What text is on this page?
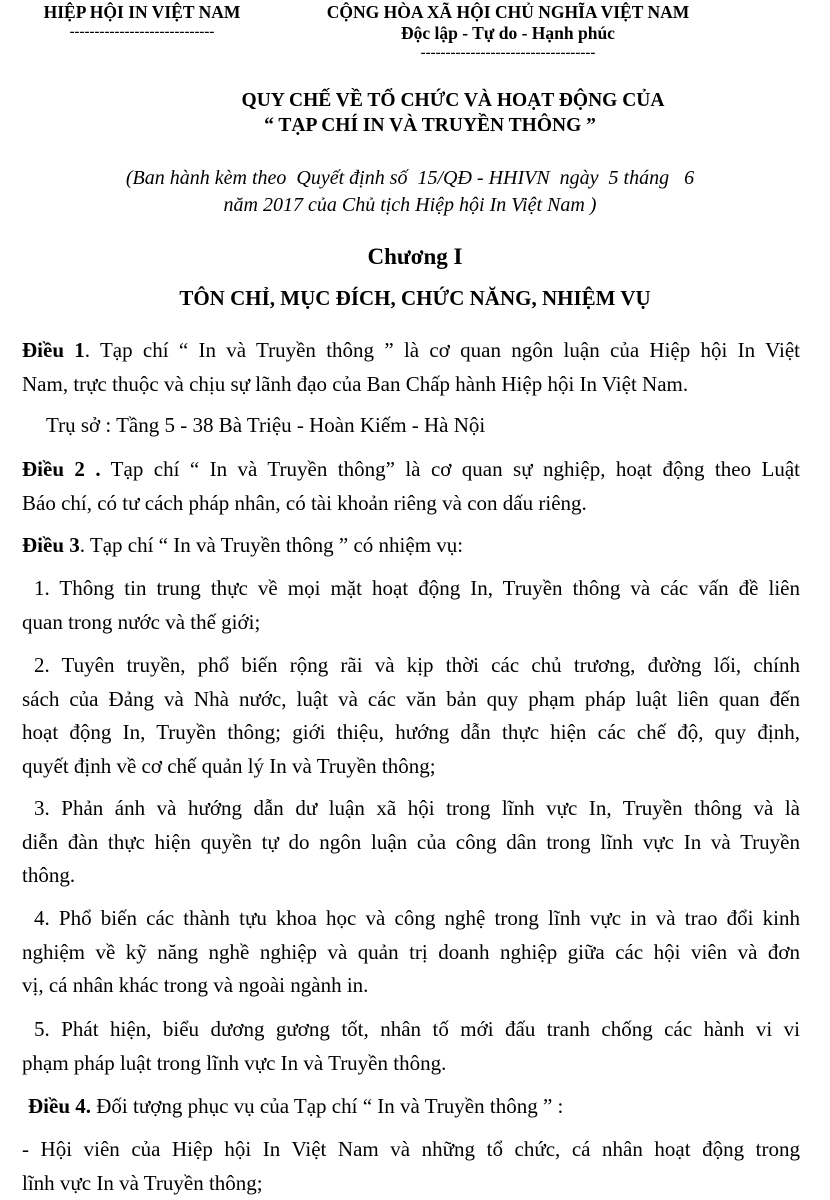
HIỆP HỘI IN VIỆT NAM
-----------------------------
CỘNG HÒA XÃ HỘI CHỦ NGHĨA VIỆT NAM
Độc lập - Tự do - Hạnh phúc
-----------------------------------
QUY CHẾ VỀ TỔ CHỨC VÀ HOẠT ĐỘNG CỦA
“ TẠP CHÍ IN VÀ TRUYỀN THÔNG ”
(Ban hành kèm theo  Quyết định số  15/QĐ - HHIVN  ngày  5 tháng   6
năm 2017 của Chủ tịch Hiệp hội In Việt Nam )
Chương I
TÔN CHỈ, MỤC ĐÍCH, CHỨC NĂNG, NHIỆM VỤ
Điều 1. Tạp chí “ In và Truyền thông ” là cơ quan ngôn luận của Hiệp hội In Việt
Nam, trực thuộc và chịu sự lãnh đạo của Ban Chấp hành Hiệp hội In Việt Nam.
Trụ sở : Tầng 5 - 38 Bà Triệu - Hoàn Kiếm - Hà Nội
Điều 2 . Tạp chí “ In và Truyền thông” là cơ quan sự nghiệp, hoạt động theo Luật
Báo chí, có tư cách pháp nhân, có tài khoản riêng và con dấu riêng.
Điều 3. Tạp chí “ In và Truyền thông ” có nhiệm vụ:
1. Thông tin trung thực về mọi mặt hoạt động In, Truyền thông và các vấn đề liên
quan trong nước và thế giới;
2. Tuyên truyền, phổ biến rộng rãi và kịp thời các chủ trương, đường lối, chính
sách của Đảng và Nhà nước, luật và các văn bản quy phạm pháp luật liên quan đến
hoạt động In, Truyền thông; giới thiệu, hướng dẫn thực hiện các chế độ, quy định,
quyết định về cơ chế quản lý In và Truyền thông;
3. Phản ánh và hướng dẫn dư luận xã hội trong lĩnh vực In, Truyền thông và là
diễn đàn thực hiện quyền tự do ngôn luận của công dân trong lĩnh vực In và Truyền
thông.
4. Phổ biến các thành tựu khoa học và công nghệ trong lĩnh vực in và trao đổi kinh
nghiệm về kỹ năng nghề nghiệp và quản trị doanh nghiệp giữa các hội viên và đơn
vị, cá nhân khác trong và ngoài ngành in.
5. Phát hiện, biểu dương gương tốt, nhân tố mới đấu tranh chống các hành vi vi
phạm pháp luật trong lĩnh vực In và Truyền thông.
Điều 4. Đối tượng phục vụ của Tạp chí “ In và Truyền thông ” :
- Hội viên của Hiệp hội In Việt Nam và những tổ chức, cá nhân hoạt động trong
lĩnh vực In và Truyền thông;
